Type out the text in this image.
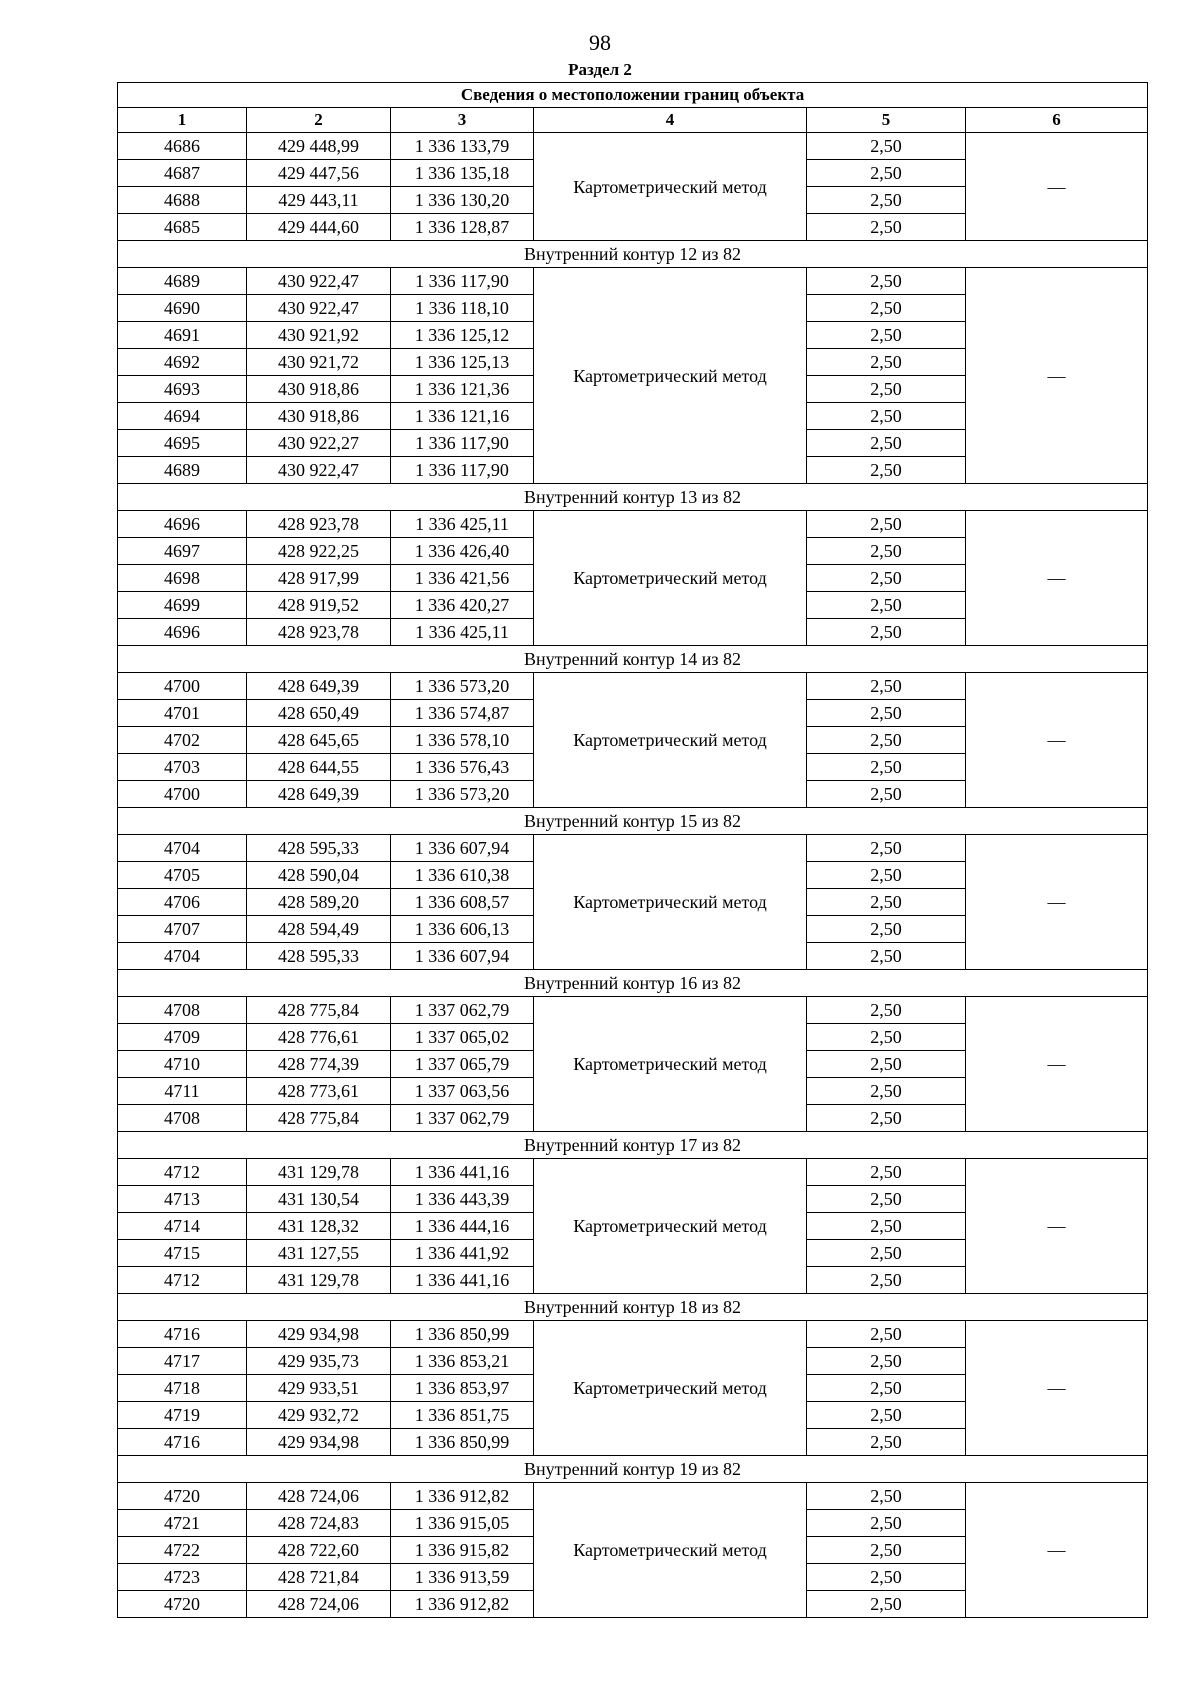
98
Раздел 2
Сведения о местоположении границ объекта					
1	2	3	4	5	6
4686	429 448,99	1 336 133,79	Картометрический метод	2,50	—
4687	429 447,56	1 336 135,18		2,50	
4688	429 443,11	1 336 130,20		2,50	
4685	429 444,60	1 336 128,87		2,50	
Внутренний контур 12 из 82					
4689	430 922,47	1 336 117,90	Картометрический метод	2,50	—
4690	430 922,47	1 336 118,10		2,50	
4691	430 921,92	1 336 125,12		2,50	
4692	430 921,72	1 336 125,13		2,50	
4693	430 918,86	1 336 121,36		2,50	
4694	430 918,86	1 336 121,16		2,50	
4695	430 922,27	1 336 117,90		2,50	
4689	430 922,47	1 336 117,90		2,50	
Внутренний контур 13 из 82					
4696	428 923,78	1 336 425,11	Картометрический метод	2,50	—
4697	428 922,25	1 336 426,40		2,50	
4698	428 917,99	1 336 421,56		2,50	
4699	428 919,52	1 336 420,27		2,50	
4696	428 923,78	1 336 425,11		2,50	
Внутренний контур 14 из 82					
4700	428 649,39	1 336 573,20	Картометрический метод	2,50	—
4701	428 650,49	1 336 574,87		2,50	
4702	428 645,65	1 336 578,10		2,50	
4703	428 644,55	1 336 576,43		2,50	
4700	428 649,39	1 336 573,20		2,50	
Внутренний контур 15 из 82					
4704	428 595,33	1 336 607,94	Картометрический метод	2,50	—
4705	428 590,04	1 336 610,38		2,50	
4706	428 589,20	1 336 608,57		2,50	
4707	428 594,49	1 336 606,13		2,50	
4704	428 595,33	1 336 607,94		2,50	
Внутренний контур 16 из 82					
4708	428 775,84	1 337 062,79	Картометрический метод	2,50	—
4709	428 776,61	1 337 065,02		2,50	
4710	428 774,39	1 337 065,79		2,50	
4711	428 773,61	1 337 063,56		2,50	
4708	428 775,84	1 337 062,79		2,50	
Внутренний контур 17 из 82					
4712	431 129,78	1 336 441,16	Картометрический метод	2,50	—
4713	431 130,54	1 336 443,39		2,50	
4714	431 128,32	1 336 444,16		2,50	
4715	431 127,55	1 336 441,92		2,50	
4712	431 129,78	1 336 441,16		2,50	
Внутренний контур 18 из 82					
4716	429 934,98	1 336 850,99	Картометрический метод	2,50	—
4717	429 935,73	1 336 853,21		2,50	
4718	429 933,51	1 336 853,97		2,50	
4719	429 932,72	1 336 851,75		2,50	
4716	429 934,98	1 336 850,99		2,50	
Внутренний контур 19 из 82					
4720	428 724,06	1 336 912,82	Картометрический метод	2,50	—
4721	428 724,83	1 336 915,05		2,50	
4722	428 722,60	1 336 915,82		2,50	
4723	428 721,84	1 336 913,59		2,50	
4720	428 724,06	1 336 912,82		2,50	
